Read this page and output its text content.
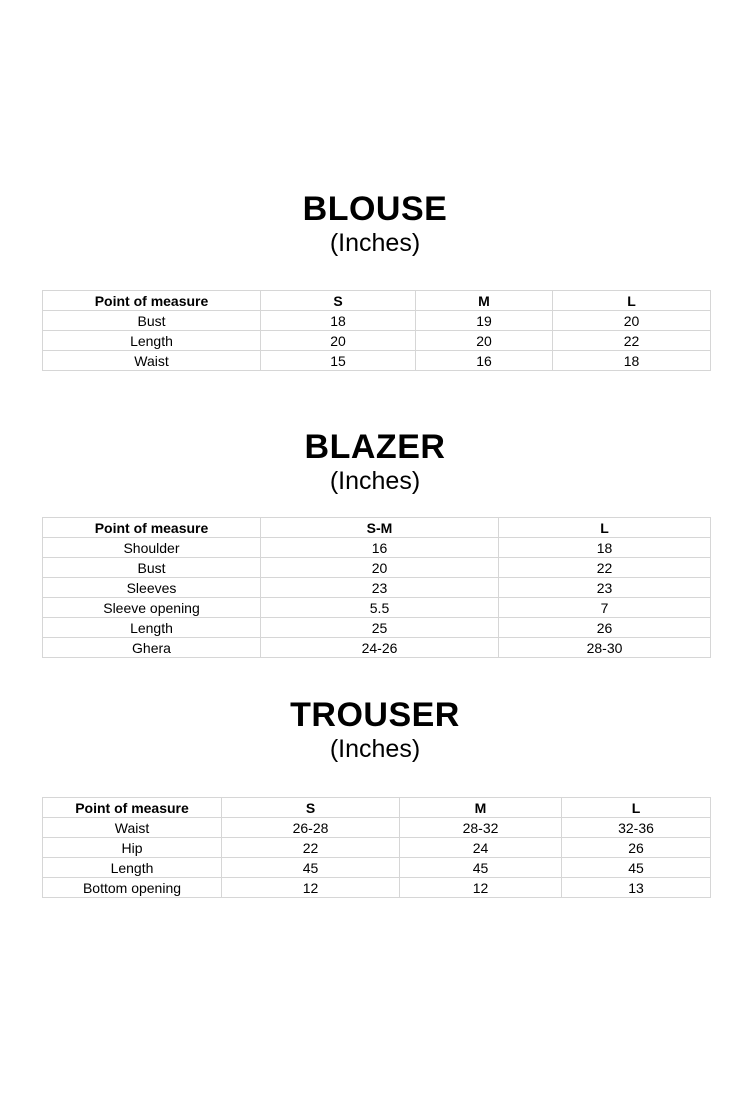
BLOUSE
(Inches)
Point of measure	S	M	L
Bust	18	19	20
Length	20	20	22
Waist	15	16	18
BLAZER
(Inches)
Point of measure	S-M	L
Shoulder	16	18
Bust	20	22
Sleeves	23	23
Sleeve opening	5.5	7
Length	25	26
Ghera	24-26	28-30
TROUSER
(Inches)
Point of measure	S	M	L
Waist	26-28	28-32	32-36
Hip	22	24	26
Length	45	45	45
Bottom opening	12	12	13
